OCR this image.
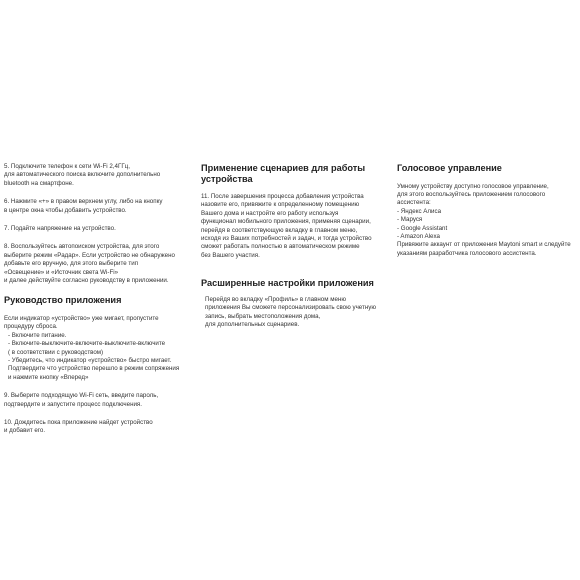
5. Подключите телефон к сети Wi-Fi 2,4ГГц,
для автоматического поиска включите дополнительно
bluetooth на смартфоне.

6. Нажмите «+» в правом верхнем углу, либо на кнопку
в центре окна чтобы добавить устройство.

7. Подайте напряжение на устройство.

8. Воспользуйтесь автопоиском устройства, для этого
выберите режим «Радар». Если устройство не обнаружено
добавьте его вручную, для этого выберите тип
«Освещение» и «Источник света Wi-Fi»
и далее действуйте согласно руководству в приложении.

Руководство приложения

Если индикатор «устройство» уже мигает, пропустите
процедуру сброса.

- Включите питание.
- Включите-выключите-включите-выключите-включите
( в соответствии с руководством)
- Убедитесь, что индикатор «устройство» быстро мигает.
Подтвердите что устройство перешло в режим сопряжения
и нажмите кнопку «Вперед»

9. Выберите подходящую Wi-Fi сеть, введите пароль,
подтвердите и запустите процесс подключения.

10. Дождитесь пока приложение найдет устройство
и добавит его.

Применение сценариев для работы
устройства

11. После завершения процесса добавления устройства
назовите его, привяжите к определенному помещению
Вашего дома и настройте его работу используя
функционал мобильного приложения, применяя сценарии,
перейдя в соответствующую вкладку в главном меню,
исходя из Ваших потребностей и задач, и тогда устройство
сможет работать полностью в автоматическом режиме
без Вашего участия.

Расширенные настройки приложения

Перейдя во вкладку «Профиль» в главном меню
приложения Вы сможете персонализировать свою учетную
запись, выбрать местоположения дома,
для дополнительных сценариев.

Голосовое управление

Умному устройству доступно голосовое управление,
для этого воспользуйтесь приложением голосового
ассистента:

- Яндекс Алиса
- Маруся
- Google Assistant
- Amazon Alexa

Привяжите аккаунт от приложения Maytoni smart и следуйте
указаниям разработчика голосового ассистента.
